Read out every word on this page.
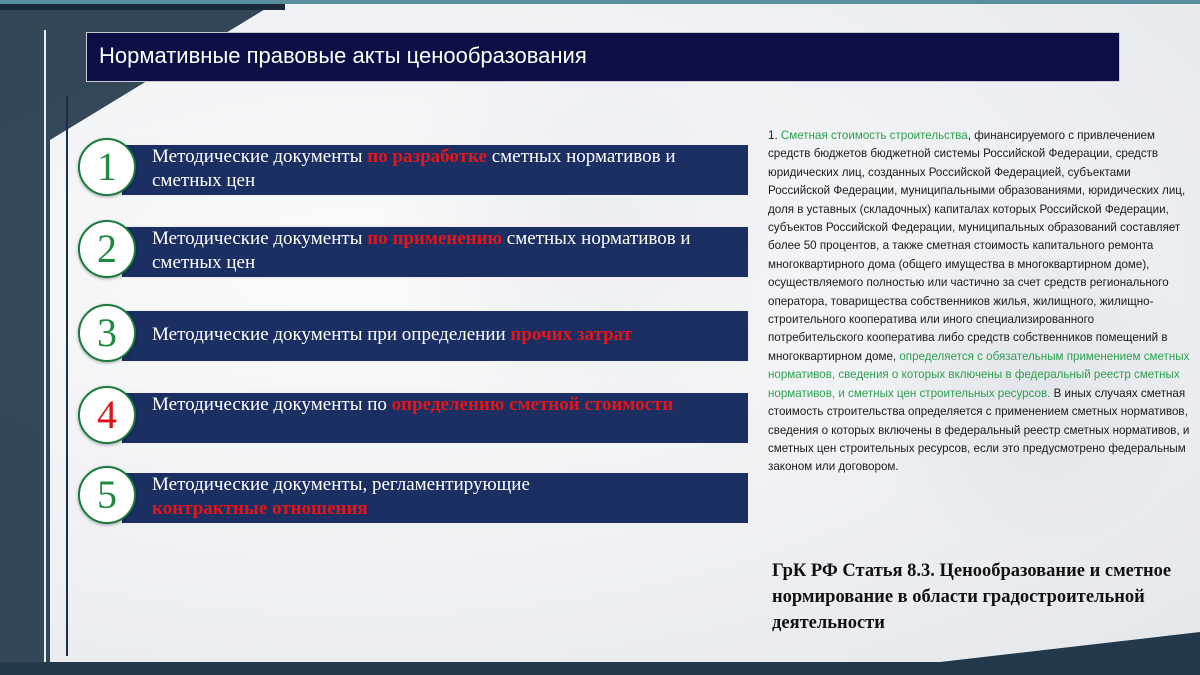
Нормативные правовые акты ценообразования
1	Методические документы по разработке сметных нормативов и сметных цен
2	Методические документы по применению сметных нормативов и сметных цен
3	Методические документы при определении прочих затрат
4	Методические документы по определению сметной стоимости
5	Методические документы, регламентирующие контрактные отношения
1. Сметная стоимость строительства, финансируемого с привлечением средств бюджетов бюджетной системы Российской Федерации, средств юридических лиц, созданных Российской Федерацией, субъектами Российской Федерации, муниципальными образованиями, юридических лиц, доля в уставных (складочных) капиталах которых Российской Федерации, субъектов Российской Федерации, муниципальных образований составляет более 50 процентов, а также сметная стоимость капитального ремонта многоквартирного дома (общего имущества в многоквартирном доме), осуществляемого полностью или частично за счет средств регионального оператора, товарищества собственников жилья, жилищного, жилищно-строительного кооператива или иного специализированного потребительского кооператива либо средств собственников помещений в многоквартирном доме, определяется с обязательным применением сметных нормативов, сведения о которых включены в федеральный реестр сметных нормативов, и сметных цен строительных ресурсов. В иных случаях сметная стоимость строительства определяется с применением сметных нормативов, сведения о которых включены в федеральный реестр сметных нормативов, и сметных цен строительных ресурсов, если это предусмотрено федеральным законом или договором.
ГрК РФ Статья 8.3. Ценообразование и сметное нормирование в области градостроительной деятельности
